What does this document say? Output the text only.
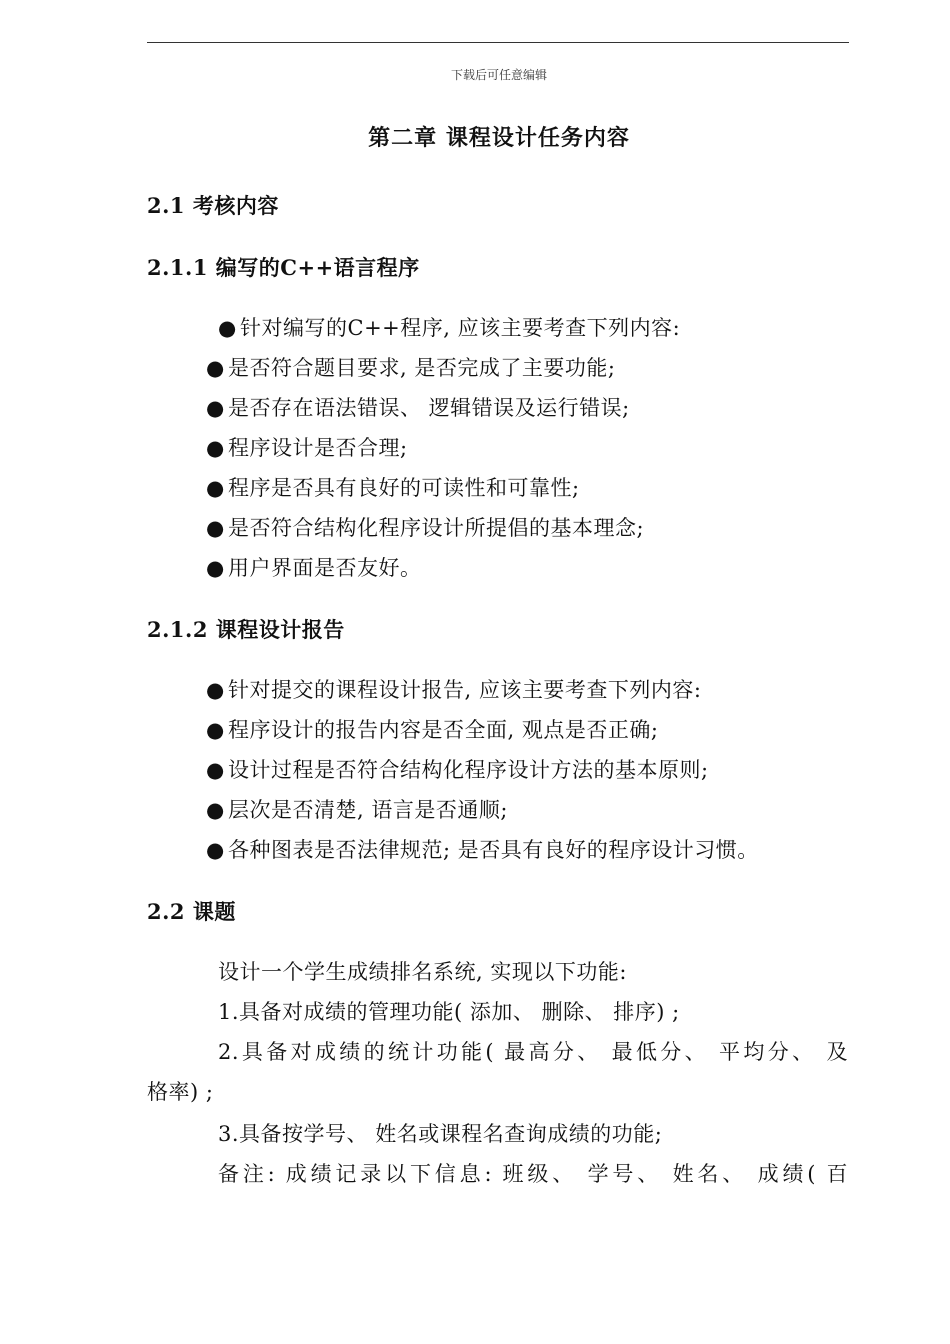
下载后可任意编辑
第二章 课程设计任务内容
2.1 考核内容
2.1.1 编写的C++语言程序
● 针对编写的C++程序, 应该主要考查下列内容:
● 是否符合题目要求, 是否完成了主要功能;
● 是否存在语法错误、 逻辑错误及运行错误;
● 程序设计是否合理;
● 程序是否具有良好的可读性和可靠性;
● 是否符合结构化程序设计所提倡的基本理念;
● 用户界面是否友好。
2.1.2 课程设计报告
● 针对提交的课程设计报告, 应该主要考查下列内容:
● 程序设计的报告内容是否全面, 观点是否正确;
● 设计过程是否符合结构化程序设计方法的基本原则;
● 层次是否清楚, 语言是否通顺;
● 各种图表是否法律规范; 是否具有良好的程序设计习惯。
2.2 课题
设计一个学生成绩排名系统, 实现以下功能:
1.具备对成绩的管理功能( 添加、 删除、 排序) ;
2.具备对成绩的统计功能( 最高分、 最低分、 平均分、 及
格率) ;
3.具备按学号、 姓名或课程名查询成绩的功能;
备注: 成绩记录以下信息: 班级、 学号、 姓名、 成绩( 百
